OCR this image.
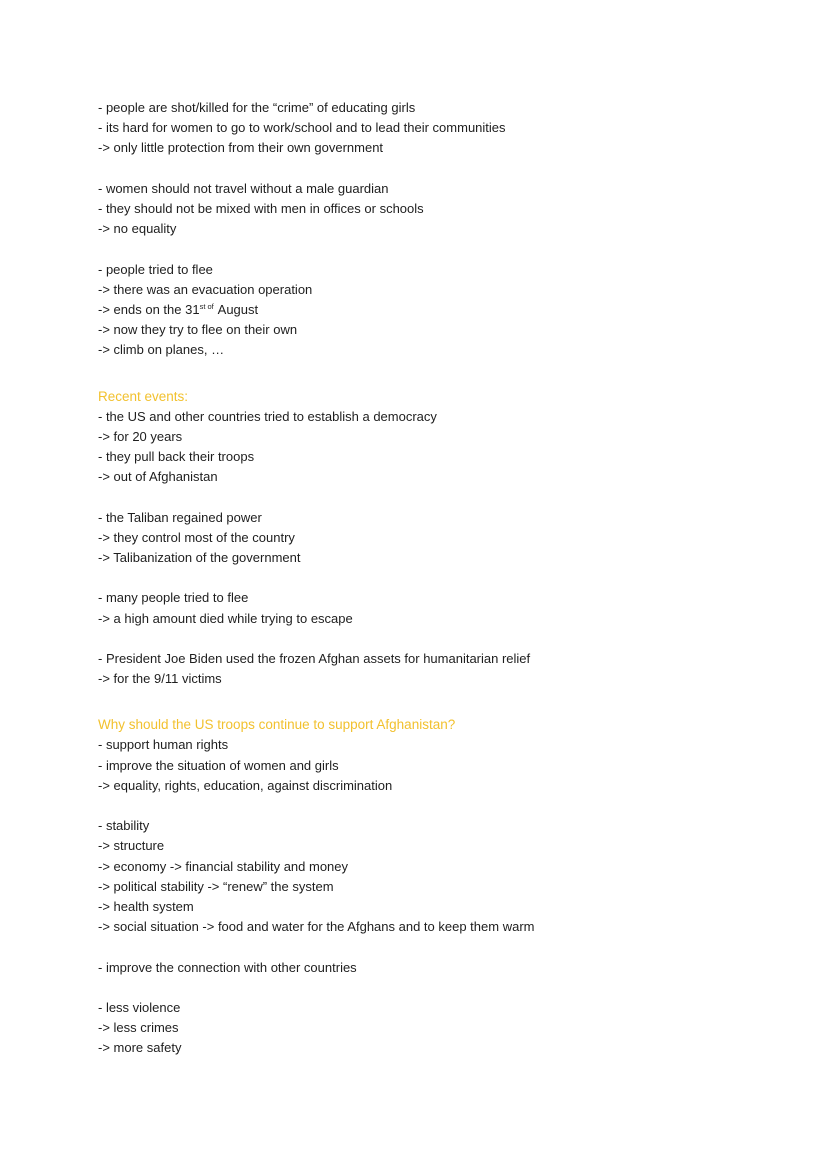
- people are shot/killed for the “crime” of educating girls
- its hard for women to go to work/school and to lead their communities
-> only little protection from their own government
- women should not travel without a male guardian
- they should not be mixed with men in offices or schools
-> no equality
- people tried to flee
-> there was an evacuation operation
-> ends on the $31^{st of}$ August
-> now they try to flee on their own
-> climb on planes, …
Recent events:
- the US and other countries tried to establish a democracy
-> for 20 years
- they pull back their troops
-> out of Afghanistan
- the Taliban regained power
-> they control most of the country
-> Talibanization of the government
- many people tried to flee
-> a high amount died while trying to escape
- President Joe Biden used the frozen Afghan assets for humanitarian relief
-> for the 9/11 victims
Why should the US troops continue to support Afghanistan?
- support human rights
- improve the situation of women and girls
-> equality, rights, education, against discrimination
- stability
-> structure
-> economy -> financial stability and money
-> political stability -> “renew” the system
-> health system
-> social situation -> food and water for the Afghans and to keep them warm
- improve the connection with other countries
- less violence
-> less crimes
-> more safety
